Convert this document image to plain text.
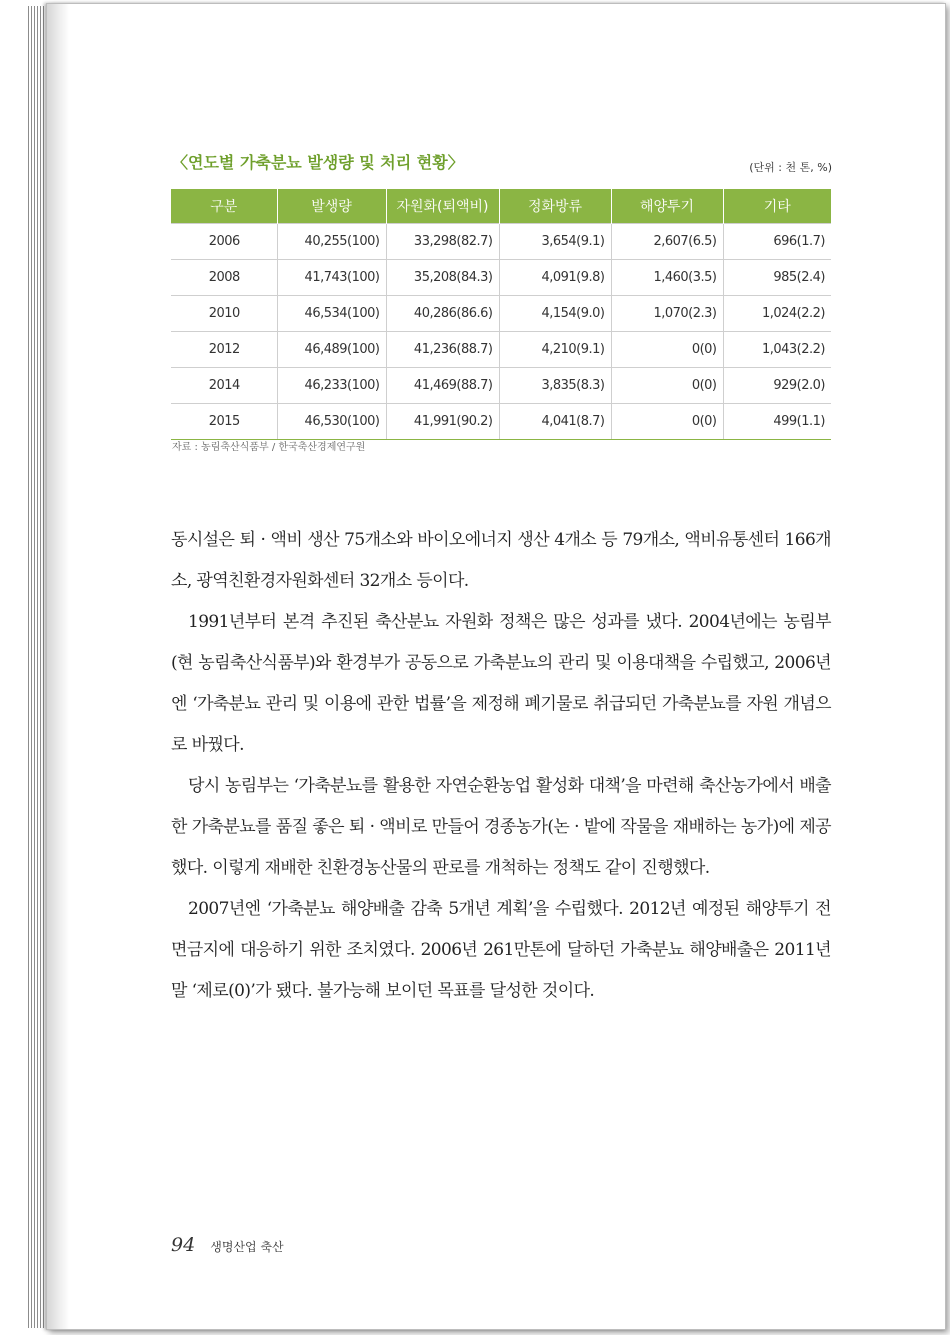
〈연도별 가축분뇨 발생량 및 처리 현황〉	(단위 : 천 톤, %)
구분	발생량	자원화(퇴액비)	정화방류	해양투기	기타
2006	40,255(100)	33,298(82.7)	3,654(9.1)	2,607(6.5)	696(1.7)
2008	41,743(100)	35,208(84.3)	4,091(9.8)	1,460(3.5)	985(2.4)
2010	46,534(100)	40,286(86.6)	4,154(9.0)	1,070(2.3)	1,024(2.2)
2012	46,489(100)	41,236(88.7)	4,210(9.1)	0(0)	1,043(2.2)
2014	46,233(100)	41,469(88.7)	3,835(8.3)	0(0)	929(2.0)
2015	46,530(100)	41,991(90.2)	4,041(8.7)	0(0)	499(1.1)
자료 : 농림축산식품부 / 한국축산경제연구원

동시설은 퇴 · 액비 생산 75개소와 바이오에너지 생산 4개소 등 79개소, 액비유통센터 166개소, 광역친환경자원화센터 32개소 등이다.

1991년부터 본격 추진된 축산분뇨 자원화 정책은 많은 성과를 냈다. 2004년에는 농림부(현 농림축산식품부)와 환경부가 공동으로 가축분뇨의 관리 및 이용대책을 수립했고, 2006년엔 ‘가축분뇨 관리 및 이용에 관한 법률’을 제정해 폐기물로 취급되던 가축분뇨를 자원 개념으로 바꿨다.

당시 농림부는 ‘가축분뇨를 활용한 자연순환농업 활성화 대책’을 마련해 축산농가에서 배출한 가축분뇨를 품질 좋은 퇴 · 액비로 만들어 경종농가(논 · 밭에 작물을 재배하는 농가)에 제공했다. 이렇게 재배한 친환경농산물의 판로를 개척하는 정책도 같이 진행했다.

2007년엔 ‘가축분뇨 해양배출 감축 5개년 계획’을 수립했다. 2012년 예정된 해양투기 전면금지에 대응하기 위한 조치였다. 2006년 261만톤에 달하던 가축분뇨 해양배출은 2011년 말 ‘제로(0)’가 됐다. 불가능해 보이던 목표를 달성한 것이다.

94 생명산업 축산
